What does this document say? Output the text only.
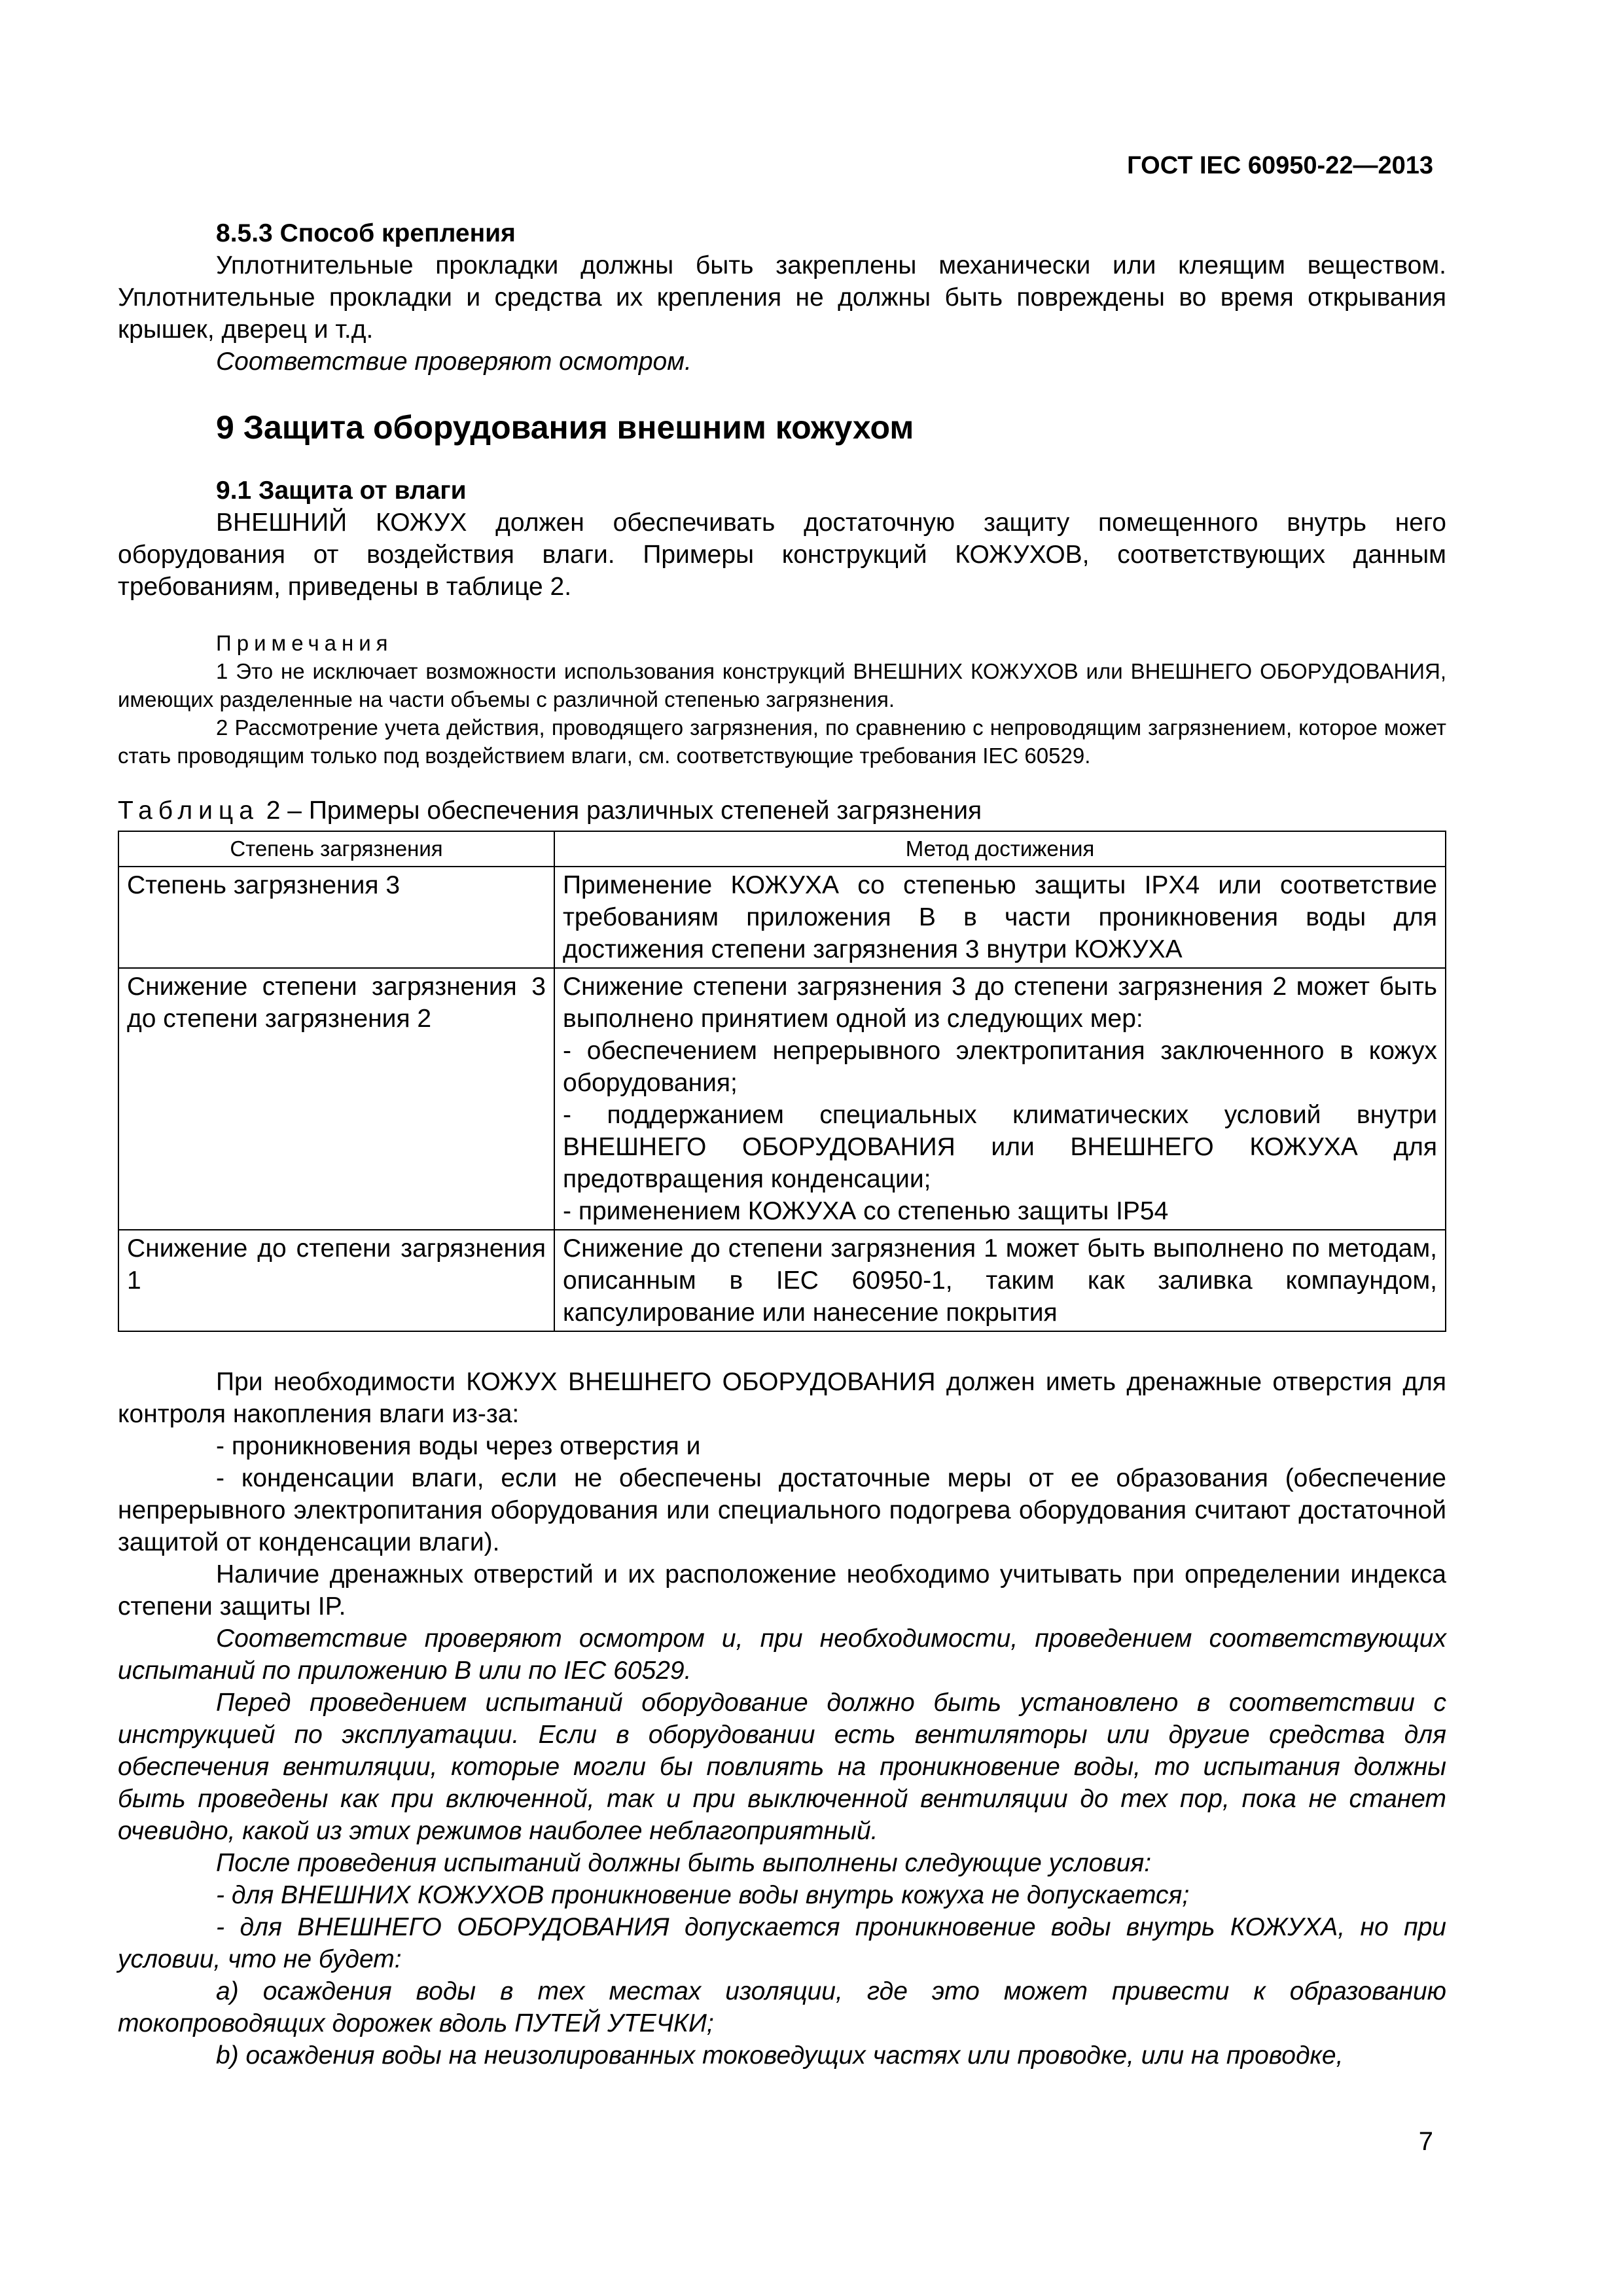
ГОСТ IEC 60950-22—2013

8.5.3 Способ крепления

Уплотнительные прокладки должны быть закреплены механически или клеящим веществом. Уплотнительные прокладки и средства их крепления не должны быть повреждены во время открывания крышек, дверец и т.д.

Соответствие проверяют осмотром.

9 Защита оборудования внешним кожухом

9.1 Защита от влаги

ВНЕШНИЙ КОЖУХ должен обеспечивать достаточную защиту помещенного внутрь него оборудования от воздействия влаги. Примеры конструкций КОЖУХОВ, соответствующих данным требованиям, приведены в таблице 2.

Примечания

1 Это не исключает возможности использования конструкций ВНЕШНИХ КОЖУХОВ или ВНЕШНЕГО ОБОРУДОВАНИЯ, имеющих разделенные на части объемы с различной степенью загрязнения.

2 Рассмотрение учета действия, проводящего загрязнения, по сравнению с непроводящим загрязнением, которое может стать проводящим только под воздействием влаги, см. соответствующие требования IEC 60529.

Таблица 2 – Примеры обеспечения различных степеней загрязнения
Степень загрязнения	Метод достижения
Степень загрязнения 3	Применение КОЖУХА со степенью защиты IPX4 или соответствие требованиям приложения В в части проникновения воды для достижения степени загрязнения 3 внутри КОЖУХА

Снижение степени загрязнения 3 до степени загрязнения 2	Снижение степени загрязнения 3 до степени загрязнения 2 может быть выполнено принятием одной из следующих мер:
- обеспечением непрерывного электропитания заключенного в кожух оборудования;
- поддержанием специальных климатических условий внутри ВНЕШНЕГО ОБОРУДОВАНИЯ или ВНЕШНЕГО КОЖУХА для предотвращения конденсации;
- применением КОЖУХА со степенью защиты IP54

Снижение до степени загрязнения 1	Снижение до степени загрязнения 1 может быть выполнено по методам, описанным в IEC 60950-1, таким как заливка компаундом, капсулирование или нанесение покрытия

При необходимости КОЖУХ ВНЕШНЕГО ОБОРУДОВАНИЯ должен иметь дренажные отверстия для контроля накопления влаги из-за:

- проникновения воды через отверстия и

- конденсации влаги, если не обеспечены достаточные меры от ее образования (обеспечение непрерывного электропитания оборудования или специального подогрева оборудования считают достаточной защитой от конденсации влаги).

Наличие дренажных отверстий и их расположение необходимо учитывать при определении индекса степени защиты IP.

Соответствие проверяют осмотром и, при необходимости, проведением соответствующих испытаний по приложению В или по IEC 60529.

Перед проведением испытаний оборудование должно быть установлено в соответствии с инструкцией по эксплуатации. Если в оборудовании есть вентиляторы или другие средства для обеспечения вентиляции, которые могли бы повлиять на проникновение воды, то испытания должны быть проведены как при включенной, так и при выключенной вентиляции до тех пор, пока не станет очевидно, какой из этих режимов наиболее неблагоприятный.

После проведения испытаний должны быть выполнены следующие условия:

- для ВНЕШНИХ КОЖУХОВ проникновение воды внутрь кожуха не допускается;

- для ВНЕШНЕГО ОБОРУДОВАНИЯ допускается проникновение воды внутрь КОЖУХА, но при условии, что не будет:

a) осаждения воды в тех местах изоляции, где это может привести к образованию токопроводящих дорожек вдоль ПУТЕЙ УТЕЧКИ;

b) осаждения воды на неизолированных токоведущих частях или проводке, или на проводке,

7
